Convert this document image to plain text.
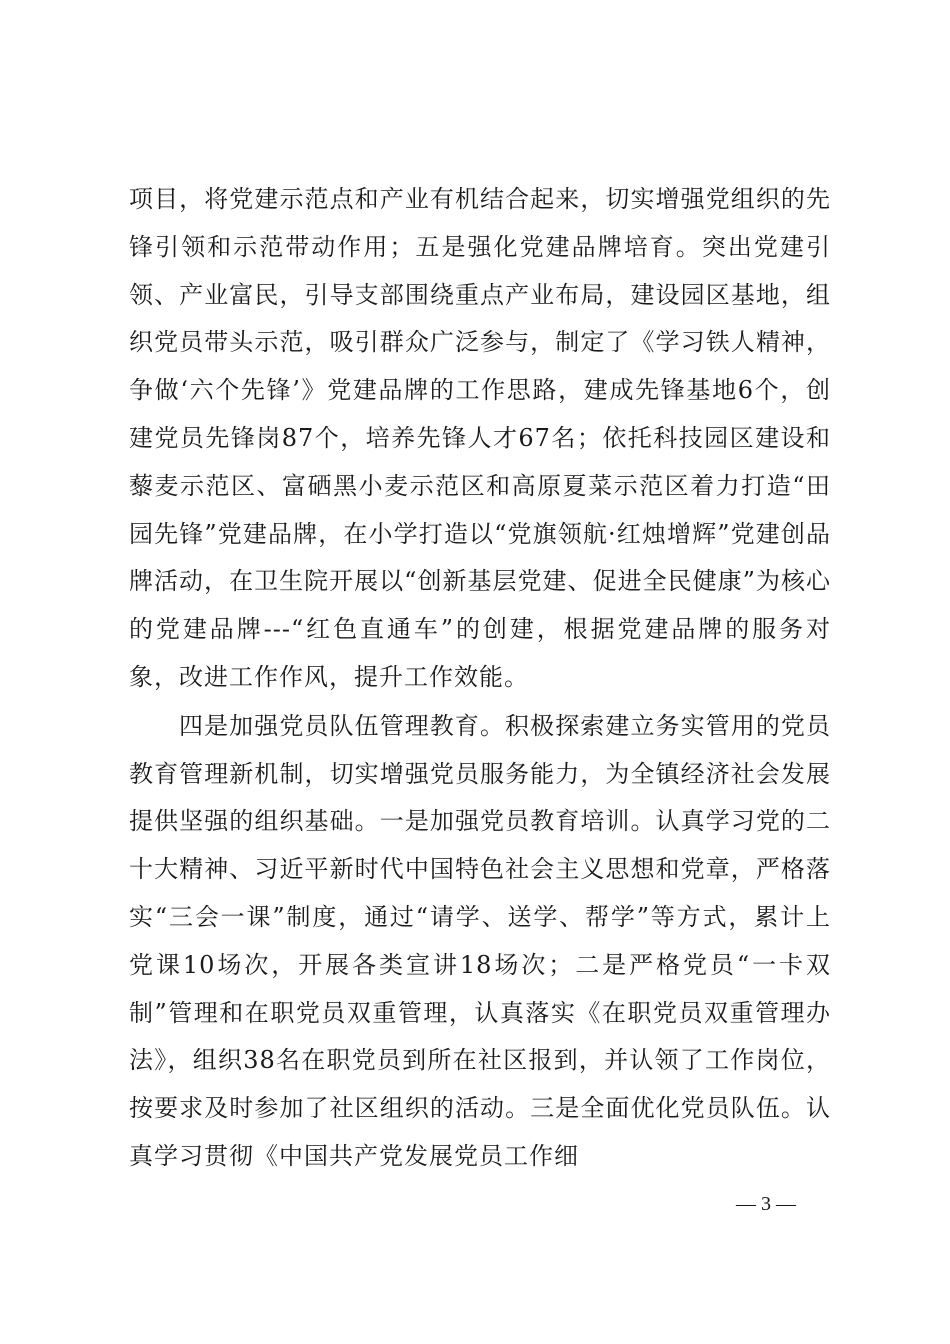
项目，将党建示范点和产业有机结合起来，切实增强党组织的先锋引领和示范带动作用；五是强化党建品牌培育。突出党建引领、产业富民，引导支部围绕重点产业布局，建设园区基地，组织党员带头示范，吸引群众广泛参与，制定了《学习铁人精神，争做‘六个先锋’》党建品牌的工作思路，建成先锋基地6个，创建党员先锋岗87个，培养先锋人才67名；依托科技园区建设和藜麦示范区、富硒黑小麦示范区和高原夏菜示范区着力打造“田园先锋”党建品牌，在小学打造以“党旗领航·红烛增辉”党建创品牌活动，在卫生院开展以“创新基层党建、促进全民健康”为核心的党建品牌---“红色直通车”的创建，根据党建品牌的服务对象，改进工作作风，提升工作效能。

四是加强党员队伍管理教育。积极探索建立务实管用的党员教育管理新机制，切实增强党员服务能力，为全镇经济社会发展提供坚强的组织基础。一是加强党员教育培训。认真学习党的二十大精神、习近平新时代中国特色社会主义思想和党章，严格落实“三会一课”制度，通过“请学、送学、帮学”等方式，累计上党课10场次，开展各类宣讲18场次；二是严格党员“一卡双制”管理和在职党员双重管理，认真落实《在职党员双重管理办法》，组织38名在职党员到所在社区报到，并认领了工作岗位，按要求及时参加了社区组织的活动。三是全面优化党员队伍。认真学习贯彻《中国共产党发展党员工作细

— 3 —
